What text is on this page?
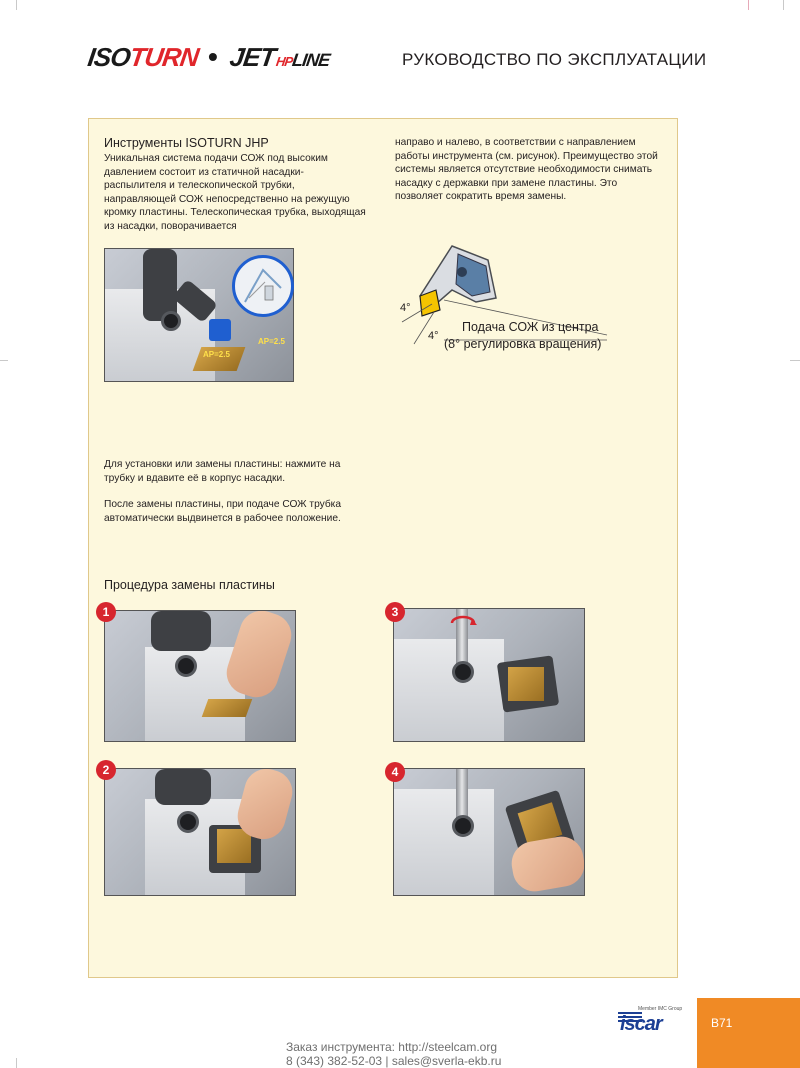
ISOTURN • JETHPLINE	РУКОВОДСТВО ПО ЭКСПЛУАТАЦИИ
Инструменты ISOTURN JHP

Уникальная система подачи СОЖ под высоким давлением состоит из статичной насадки-распылителя и телескопической трубки, направляющей СОЖ непосредственно на режущую кромку пластины. Телескопическая трубка, выходящая из насадки, поворачивается

направо и налево, в соответствии с направлением работы инструмента (см. рисунок). Преимущество этой системы является отсутствие необходимости снимать насадку с державки при замене пластины. Это позволяет сократить время замены.

AP=2.5
AP=2.5
4°
4°
Подача СОЖ из центра
(8° регулировка вращения)
Для установки или замены пластины: нажмите на трубку и вдавите её в корпус насадки.
После замены пластины, при подаче СОЖ трубка автоматически выдвинется в рабочее положение.
Процедура замены пластины
1
2
3
4
Member IMC Group
iscar	B71
Заказ инструмента: http://steelcam.org
8 (343) 382-52-03 | sales@sverla-ekb.ru
